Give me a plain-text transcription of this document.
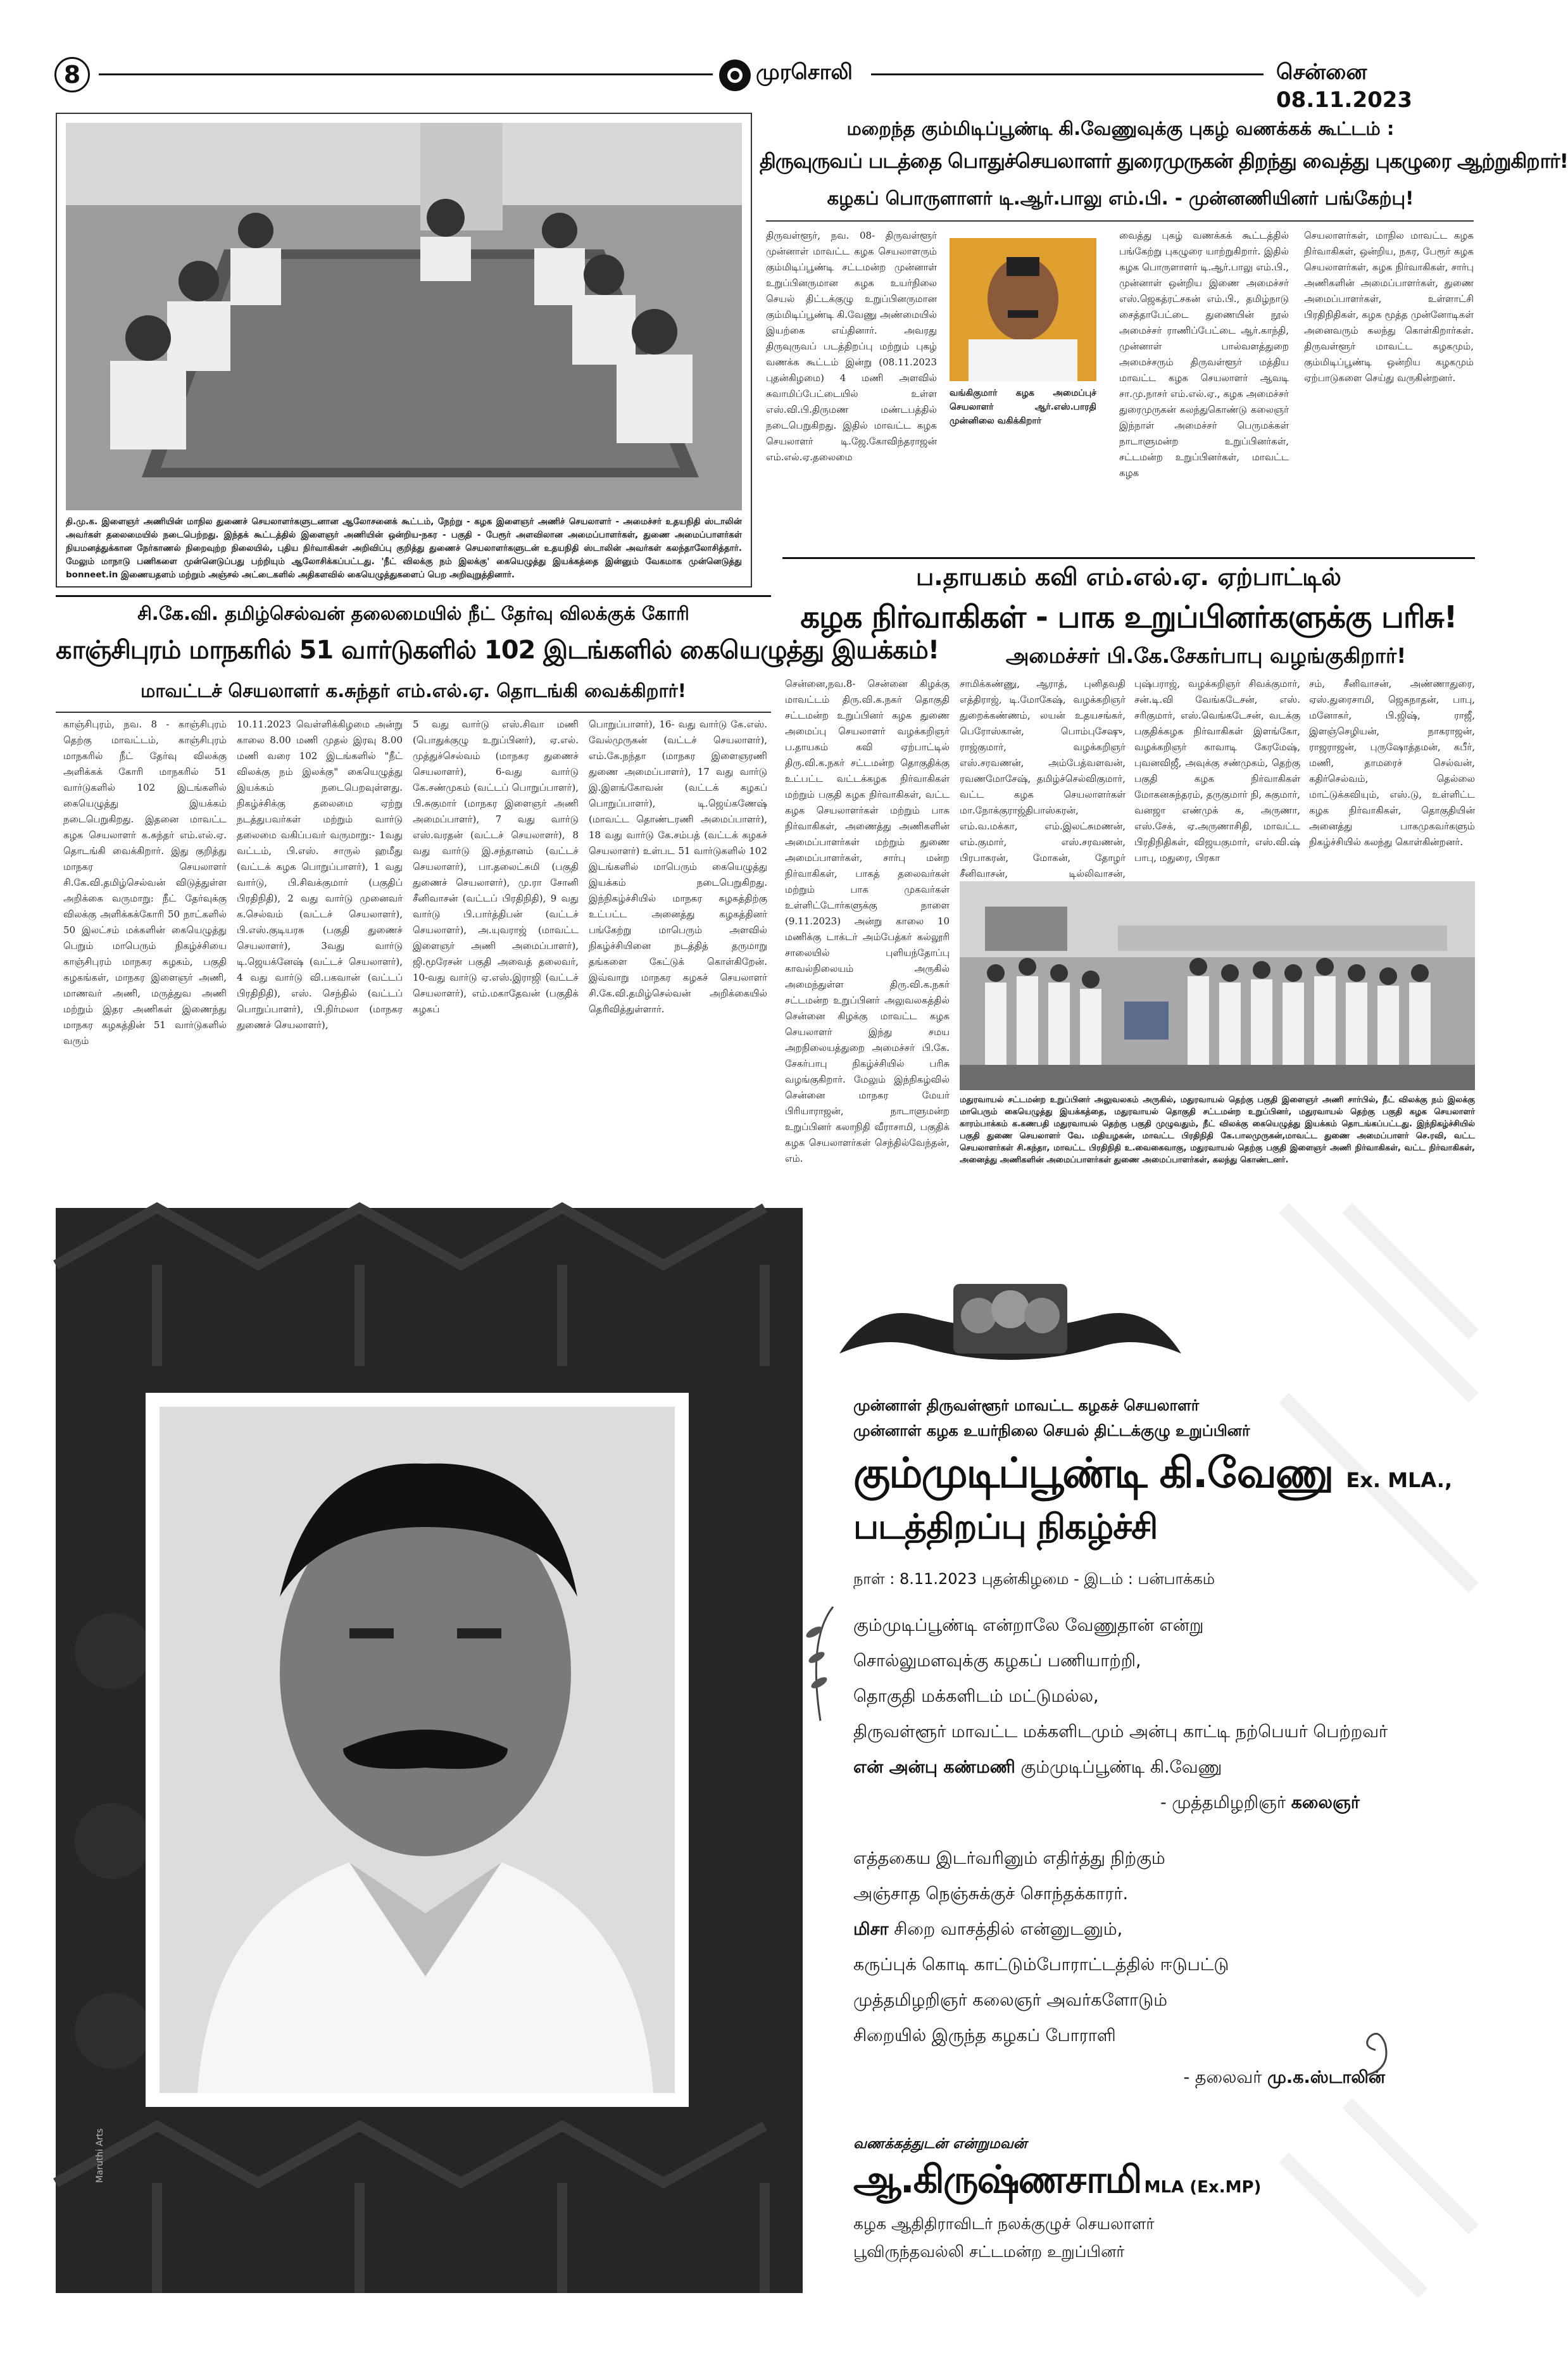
8	முரசொலி	சென்னை 08.11.2023
தி.மு.க. இளைஞர் அணியின் மாநில துணைச் செயலாளர்களுடனான ஆலோசனைக் கூட்டம், நேற்று - கழக இளைஞர் அணிச் செயலாளர் - அமைச்சர் உதயநிதி ஸ்டாலின் அவர்கள் தலைமையில் நடைபெற்றது. இந்தக் கூட்டத்தில் இளைஞர் அணியின் ஒன்றிய-நகர - பகுதி - பேரூர் அளவிலான அமைப்பாளர்கள், துணை அமைப்பாளர்கள் நியமனத்துக்கான நேர்காணல் நிறைவுற்ற நிலையில், புதிய நிர்வாகிகள் அறிவிப்பு குறித்து துணைச் செயலாளர்களுடன் உதயநிதி ஸ்டாலின் அவர்கள் கலந்தாலோசித்தார். மேலும் மாநாடு பணிகளை முன்னெடுப்பது பற்றியும் ஆலோசிக்கப்பட்டது. 'நீட் விலக்கு நம் இலக்கு' கையெழுத்து இயக்கத்தை இன்னும் வேகமாக முன்னெடுத்து bonneet.in இணையதளம் மற்றும் அஞ்சல் அட்டைகளில் அதிகளவில் கையெழுத்துகளைப் பெற அறிவுறுத்தினார்.
மறைந்த கும்மிடிப்பூண்டி கி.வேணுவுக்கு புகழ் வணக்கக் கூட்டம் :
திருவுருவப் படத்தை பொதுச்செயலாளர் துரைமுருகன் திறந்து வைத்து புகழுரை ஆற்றுகிறார்!
கழகப் பொருளாளர் டி.ஆர்.பாலு எம்.பி. - முன்னணியினர் பங்கேற்பு!
திருவள்ளூர், நவ. 08- திருவள்ளூர் முன்னாள் மாவட்ட கழக செயலாளரும் கும்மிடிப்பூண்டி சட்டமன்ற முன்னாள் உறுப்பினருமான கழக உயர்நிலை செயல் திட்டக்குழு உறுப்பினருமான கும்மிடிப்பூண்டி கி.வேணு அண்மையில் இயற்கை எய்தினார். அவரது திருவுருவப் படத்திறப்பு மற்றும் புகழ் வணக்க கூட்டம் இன்று (08.11.2023 புதன்கிழமை) 4 மணி அளவில் சுவாமிப்பேட்டையில் உள்ள எஸ்.வி.பி.திருமண மண்டபத்தில் நடைபெறுகிறது. இதில் மாவட்ட கழக செயலாளர் டி.ஜே.கோவிந்தராஜன் எம்.எல்.ஏ.தலைமை
வங்கிகுமார் கழக அமைப்புச் செயலாளர் ஆர்.எஸ்.பாரதி முன்னிலை வகிக்கிறார்
வைத்து புகழ் வணக்கக் கூட்டத்தில் பங்கேற்று புகழுரை யாற்றுகிறார். இதில் கழக பொருளாளர் டி.ஆர்.பாலு எம்.பி., முன்னாள் ஒன்றிய இணை அமைச்சர் எஸ்.ஜெகத்ரட்சகன் எம்.பி., தமிழ்நாடு சைத்தாபேட்டை துணையின் நூல் அமைச்சர் ராணிப்பேட்டை ஆர்.காந்தி, முன்னாள் பால்வளத்துறை அமைச்சரும் திருவள்ளூர் மத்திய மாவட்ட கழக செயலாளர் ஆவடி சா.மு.நாசர் எம்.எல்.ஏ., கழக அமைச்சர் துரைமுருகன் கலந்துகொண்டு கலைஞர் இந்நாள் அமைச்சர் பெருமக்கள் நாடாளுமன்ற உறுப்பினர்கள், சட்டமன்ற உறுப்பினர்கள், மாவட்ட கழக
செயலாளர்கள், மாநில மாவட்ட கழக நிர்வாகிகள், ஒன்றிய, நகர, பேரூர் கழக செயலாளர்கள், கழக நிர்வாகிகள், சார்பு அணிகளின் அமைப்பாளர்கள், துணை அமைப்பாளர்கள், உள்ளாட்சி பிரதிநிதிகள், கழக மூத்த முன்னோடிகள் அனைவரும் கலந்து கொள்கிறார்கள். திருவள்ளூர் மாவட்ட கழகமும், கும்மிடிப்பூண்டி ஒன்றிய கழகமும் ஏற்பாடுகளை செய்து வருகின்றனர்.
சி.கே.வி. தமிழ்செல்வன் தலைமையில் நீட் தேர்வு விலக்குக் கோரி
காஞ்சிபுரம் மாநகரில் 51 வார்டுகளில் 102 இடங்களில் கையெழுத்து இயக்கம்!
மாவட்டச் செயலாளர் க.சுந்தர் எம்.எல்.ஏ. தொடங்கி வைக்கிறார்!
காஞ்சிபுரம், நவ. 8 - காஞ்சிபுரம் தெற்கு மாவட்டம், காஞ்சிபுரம் மாநகரில் நீட் தேர்வு விலக்கு அளிக்கக் கோரி மாநகரில் 51 வார்டுகளில் 102 இடங்களில் கையெழுத்து இயக்கம் நடைபெறுகிறது. இதனை மாவட்ட கழக செயலாளர் க.சுந்தர் எம்.எல்.ஏ. தொடங்கி வைக்கிறார். இது குறித்து மாநகர செயலாளர் சி.கே.வி.தமிழ்செல்வன் விடுத்துள்ள அறிக்கை வருமாறு: நீட் தேர்வுக்கு விலக்கு அளிக்கக்கோரி 50 நாட்களில் 50 இலட்சம் மக்களின் கையெழுத்து பெறும் மாபெரும் நிகழ்ச்சியை காஞ்சிபுரம் மாநகர கழகம், பகுதி கழகங்கள், மாநகர இளைஞர் அணி, மாணவர் அணி, மருத்துவ அணி மற்றும் இதர அணிகள் இணைந்து மாநகர கழகத்தின் 51 வார்டுகளில் வரும்
10.11.2023 வெள்ளிக்கிழமை அன்று காலை 8.00 மணி முதல் இரவு 8.00 மணி வரை 102 இடங்களில் "நீட் விலக்கு நம் இலக்கு" கையெழுத்து இயக்கம் நடைபெறவுள்ளது. நிகழ்ச்சிக்கு தலைமை ஏற்று நடத்துபவர்கள் மற்றும் வார்டு தலைமை வகிப்பவர் வருமாறு:- 1வது வட்டம், பி.எஸ். சாருல் ஹமீது (வட்டக் கழக பொறுப்பாளர்), 1 வது வார்டு, பி.சிவக்குமார் (பகுதிப் பிரதிநிதி), 2 வது வார்டு முனைவர் க.செல்வம் (வட்டச் செயலாளர்), பி.எஸ்.குடியரசு (பகுதி துணைச் செயலாளர்), 3வது வார்டு டி.ஜெயக்னேஷ் (வட்டச் செயலாளர்), 4 வது வார்டு வி.பகவான் (வட்டப் பிரதிநிதி), எஸ். செந்தில் (வட்டப் பொறுப்பாளர்), பி.நிர்மலா (மாநகர துணைச் செயலாளர்),
5 வது வார்டு எஸ்.சிவா மணி (பொதுக்குழு உறுப்பினர்), ஏ.எல். முத்துச்செல்வம் (மாநகர துணைச் செயலாளர்), 6-வது வார்டு கே.சண்முகம் (வட்டப் பொறுப்பாளர்), பி.சுகுமார் (மாநகர இளைஞர் அணி அமைப்பாளர்), 7 வது வார்டு எஸ்.வரதன் (வட்டச் செயலாளர்), 8 வது வார்டு இ.சந்தானம் (வட்டச் செயலாளர்), பா.தலைட்சுமி (பகுதி துணைச் செயலாளர்), மு.ரா சோனி சீனிவாசன் (வட்டப் பிரதிநிதி), 9 வது வார்டு பி.பார்த்திபன் (வட்டச் செயலாளர்), அ.யுவராஜ் (மாவட்ட இளைஞர் அணி அமைப்பாளர்), ஜி.மூரேசன் பகுதி அவைத் தலைவர், 10-வது வார்டு ஏ.எஸ்.இராஜி (வட்டச் செயலாளர்), எம்.மகாதேவன் (பகுதிக் கழகப்
பொறுப்பாளர்), 16- வது வார்டு கே.எஸ். வேல்முருகன் (வட்டச் செயலாளர்), எம்.கே.நந்தா (மாநகர இளைஞரணி துணை அமைப்பாளர்), 17 வது வார்டு இ.இளங்கோவன் (வட்டக் கழகப் பொறுப்பாளர்), டி.ஜெய்கணேஷ் (மாவட்ட தொண்டரணி அமைப்பாளர்), 18 வது வார்டு கே.சம்பத் (வட்டக் கழகச் செயலாளர்) உள்பட 51 வார்டுகளில் 102 இடங்களில் மாபெரும் கையெழுத்து இயக்கம் நடைபெறுகிறது. இந்நிகழ்ச்சியில் மாநகர கழகத்திற்கு உட்பட்ட அனைத்து கழகத்தினர் பங்கேற்று மாபெரும் அளவில் நிகழ்ச்சியினை நடத்தித் தருமாறு தங்களை கேட்டுக் கொள்கிறேன். இவ்வாறு மாநகர கழகச் செயலாளர் சி.கே.வி.தமிழ்செல்வன் அறிக்கையில் தெரிவித்துள்ளார்.
ப.தாயகம் கவி எம்.எல்.ஏ. ஏற்பாட்டில்
கழக நிர்வாகிகள் - பாக உறுப்பினர்களுக்கு பரிசு!
அமைச்சர் பி.கே.சேகர்பாபு வழங்குகிறார்!
சென்னை,நவ.8- சென்னை கிழக்கு மாவட்டம் திரு.வி.க.நகர் தொகுதி சட்டமன்ற உறுப்பினர் கழக துணை அமைப்பு செயலாளர் வழக்கறிஞர் ப.தாயகம் கவி ஏற்பாட்டில் திரு.வி.க.நகர் சட்டமன்ற தொகுதிக்கு உட்பட்ட வட்டக்கழக நிர்வாகிகள் மற்றும் பகுதி கழக நிர்வாகிகள், வட்ட கழக செயலாளர்கள் மற்றும் பாக நிர்வாகிகள், அணைத்து அணிகளின் அமைப்பாளர்கள் மற்றும் துணை அமைப்பாளர்கள், சார்பு மன்ற நிர்வாகிகள், பாகத் தலைவர்கள் மற்றும் பாக முகவர்கள் உள்ளிட்டோர்களுக்கு நாளை (9.11.2023) அன்று காலை 10 மணிக்கு டாக்டர் அம்பேத்கர் கல்லூரி சாலையில் புளியந்தோப்பு காவல்நிலையம் அருகில் அமைந்துள்ள திரு.வி.க.நகர் சட்டமன்ற உறுப்பினர் அலுவலகத்தில் சென்னை கிழக்கு மாவட்ட கழக செயலாளர் இந்து சமய அறநிலையத்துறை அமைச்சர் பி.கே. சேகர்பாபு நிகழ்ச்சியில் பரிசு வழங்குகிறார். மேலும் இந்நிகழ்வில் சென்னை மாநகர மேயர் பிரியாராஜன், நாடாளுமன்ற உறுப்பினர் கலாநிதி வீராசாமி, பகுதிக் கழக செயலாளர்கள் செந்தில்வேந்தன், எம்.
சாமிக்கண்ணு, ஆராத், புனிதவதி எத்திராஜ், டி.மோகேஷ், வழக்கறிஞர் துறைக்கண்ணம், லயன் உதயசங்கர், பெரோஸ்கான், பொம்புசேஷு, ராஜ்குமார், வழக்கறிஞர் எஸ்.சரவணன், அம்பேத்வளவன், ரவணமோசேஷ், தமிழ்ச்செல்விகுமார், வட்ட கழக செயலாளர்கள் மா.நோக்குராஜ்திபாஸ்கரன், எம்.வ.மக்கா, எம்.இலட்சுமணன், எம்.குமார், எஸ்.சரவணன், பிரபாகரன், மோகன், தோழர் சீனிவாசன், டில்லிவாசன்,
புஷ்பராஜ், வழக்கறிஞர் சிவக்குமார், சன்.டி.வி வேங்கடேசன், எஸ். சரிகுமார், எஸ்.வெங்கடேசன், வடக்கு பகுதிக்கழக நிர்வாகிகள் இளங்கோ, வழக்கறிஞர் காவாடி கேரமேஷ், புவனவிஜீ, அவுக்கு சண்முகம், தெற்கு பகுதி கழக நிர்வாகிகள் மோகனசுந்தரம், தருகுமார் நி, சுகுமார், வனஜா எண்முக் சு, அருணா, எஸ்.சேக், ஏ.அருணாசிதி, மாவட்ட பிரதிநிதிகள், விஜயகுமார், எஸ்.வி.ஷ் பாபு, மதுரை, பிரகா
சம், சீனிவாசன், அண்ணாதுரை, ஏஸ்.துரைசாமி, ஜெகநாதன், பாபு, மனோகர், பி.ஜிஷ், ராஜீ, இளஞ்செழியன், நாகராஜன், ராஜராஜன், புருஷோத்தமன், கபீர், மணி, தாமரைச் செல்வன், கதிர்செல்வம், தெல்லை மாட்டுக்கவியும், எஸ்.டு, உள்ளிட்ட கழக நிர்வாகிகள், தொகுதியின் அனைத்து பாகமுகவர்களும் நிகழ்ச்சியில் கலந்து கொள்கின்றனர்.
மதுரவாயல் சட்டமன்ற உறுப்பினர் அலுவலகம் அருகில், மதுரவாயல் தெற்கு பகுதி இளைஞர் அணி சார்பில், நீட் விலக்கு நம் இலக்கு மாபெரும் கையெழுத்து இயக்கத்தை, மதுரவாயல் தொகுதி சட்டமன்ற உறுப்பினர், மதுரவாயல் தெற்கு பகுதி கழக செயலாளர் காரம்பாக்கம் க.கணபதி மதுரவாயல் தெற்கு பகுதி முழுவதும், நீட் விலக்கு கையெழுத்து இயக்கம் தொடங்கப்பட்டது. இந்நிகழ்ச்சியில் பகுதி துணை செயலாளர் வே. மதியழகன், மாவட்ட பிரதிநிதி கே.பாலமுருகன்,மாவட்ட துணை அமைப்பாளர் செ.ரவி, வட்ட செயலாளர்கள் சி.கந்தா, மாவட்ட பிரதிநிதி உ.வைகைவாகு, மதுரவாயல் தெற்கு பகுதி இளைஞர் அணி நிர்வாகிகள், வட்ட நிர்வாகிகள், அனைத்து அணிகளின் அமைப்பாளர்கள் துணை அமைப்பாளர்கள், கலந்து கொண்டனர்.
Maruthi Arts
முன்னாள் திருவள்ளூர் மாவட்ட கழகச் செயலாளர்
முன்னாள் கழக உயர்நிலை செயல் திட்டக்குழு உறுப்பினர்
கும்முடிப்பூண்டி கி.வேணு Ex. MLA.,
படத்திறப்பு நிகழ்ச்சி
நாள் : 8.11.2023 புதன்கிழமை - இடம் : பன்பாக்கம்

கும்முடிப்பூண்டி என்றாலே வேணுதான் என்று

சொல்லுமளவுக்கு கழகப் பணியாற்றி,

தொகுதி மக்களிடம் மட்டுமல்ல,

திருவள்ளூர் மாவட்ட மக்களிடமும் அன்பு காட்டி நற்பெயர் பெற்றவர்

என் அன்பு கண்மணி கும்முடிப்பூண்டி கி.வேணு

- முத்தமிழறிஞர் கலைஞர்

எத்தகைய இடர்வரினும் எதிர்த்து நிற்கும்

அஞ்சாத நெஞ்சுக்குச் சொந்தக்காரர்.

மிசா சிறை வாசத்தில் என்னுடனும்,

கருப்புக் கொடி காட்டும்போராட்டத்தில் ஈடுபட்டு

முத்தமிழறிஞர் கலைஞர் அவர்களோடும்

சிறையில் இருந்த கழகப் போராளி

- தலைவர் மு.க.ஸ்டாலின்

வணக்கத்துடன் என்றுமவன்
ஆ.கிருஷ்ணசாமி MLA (Ex.MP)
கழக ஆதிதிராவிடர் நலக்குழுச் செயலாளர்
பூவிருந்தவல்லி சட்டமன்ற உறுப்பினர்
